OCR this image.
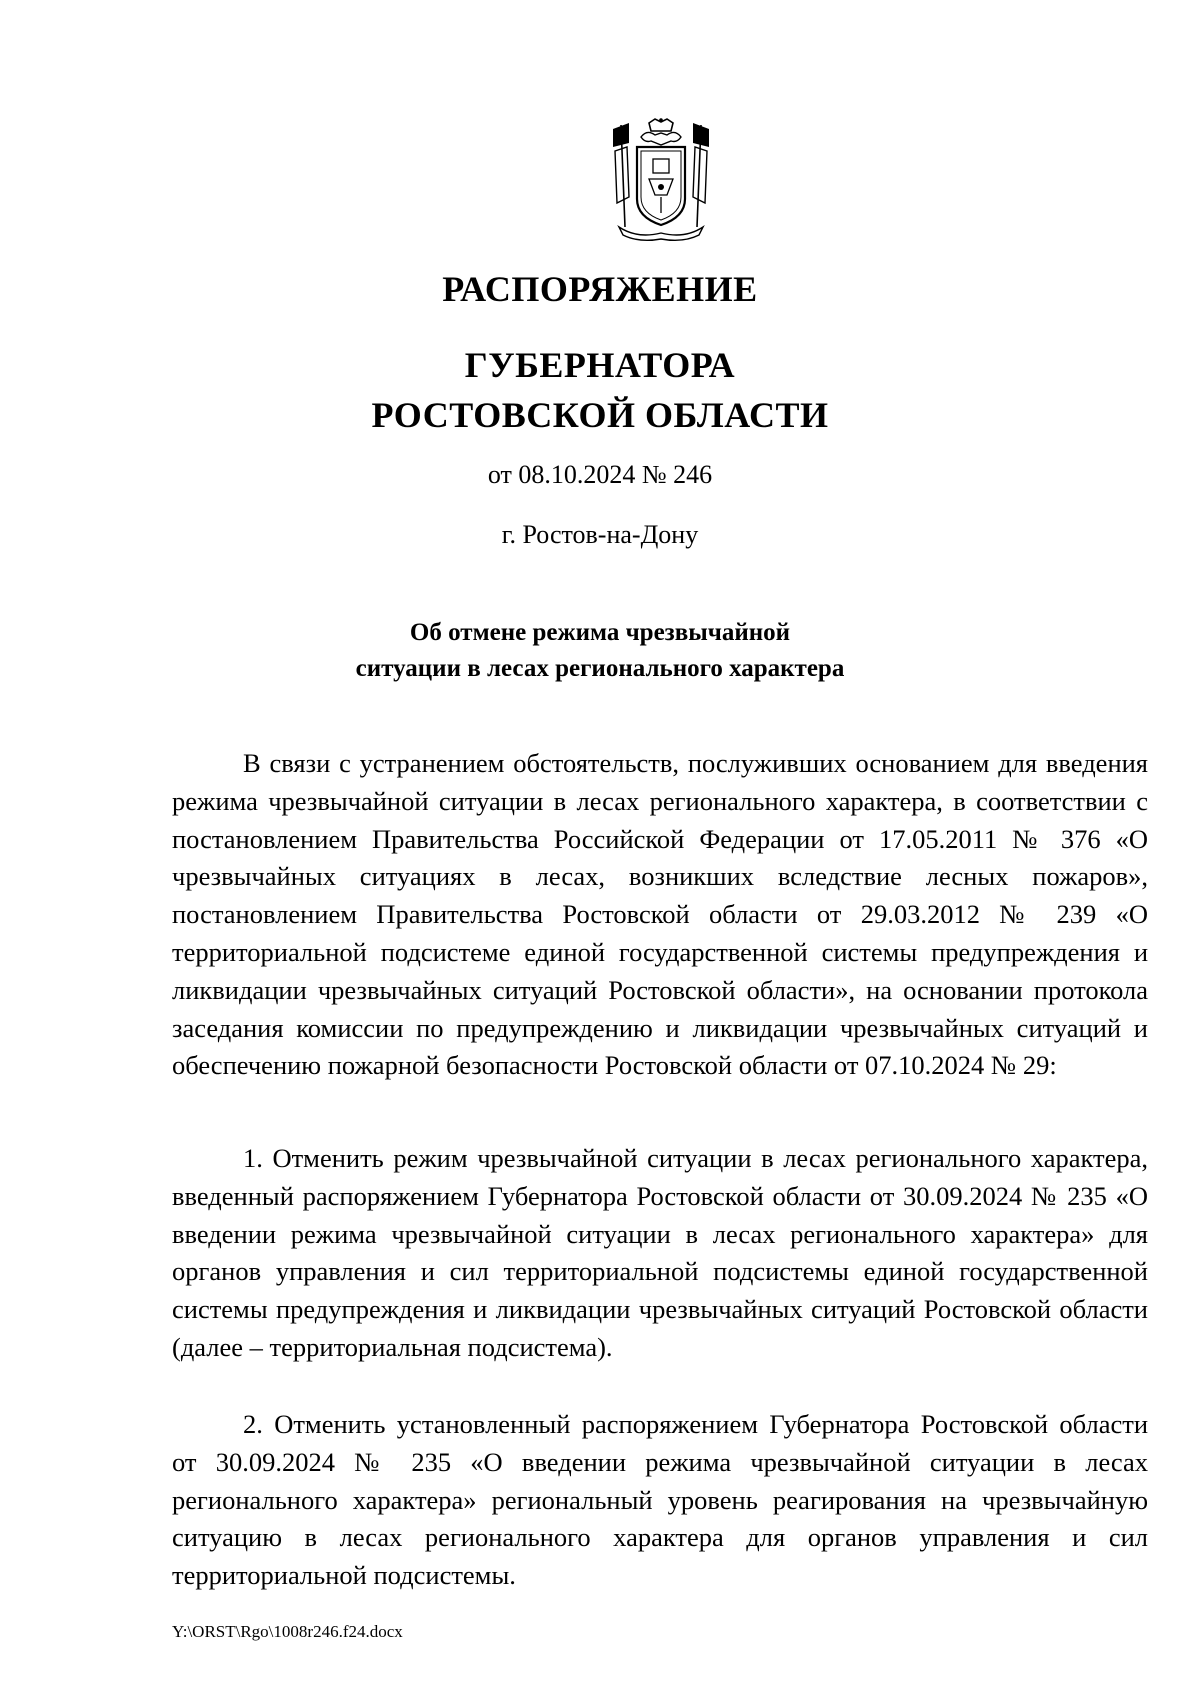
РАСПОРЯЖЕНИЕ
ГУБЕРНАТОРА
РОСТОВСКОЙ ОБЛАСТИ

от 08.10.2024 № 246

г. Ростов-на-Дону

Об отмене режима чрезвычайной
ситуации в лесах регионального характера

В связи с устранением обстоятельств, послуживших основанием для введения режима чрезвычайной ситуации в лесах регионального характера, в соответствии с постановлением Правительства Российской Федерации от 17.05.2011 № 376 «О чрезвычайных ситуациях в лесах, возникших вследствие лесных пожаров», постановлением Правительства Ростовской области от 29.03.2012 № 239 «О территориальной подсистеме единой государственной системы предупреждения и ликвидации чрезвычайных ситуаций Ростовской области», на основании протокола заседания комиссии по предупреждению и ликвидации чрезвычайных ситуаций и обеспечению пожарной безопасности Ростовской области от 07.10.2024 № 29:

1. Отменить режим чрезвычайной ситуации в лесах регионального характера, введенный распоряжением Губернатора Ростовской области от 30.09.2024 № 235 «О введении режима чрезвычайной ситуации в лесах регионального характера» для органов управления и сил территориальной подсистемы единой государственной системы предупреждения и ликвидации чрезвычайных ситуаций Ростовской области (далее – территориальная подсистема).

2. Отменить установленный распоряжением Губернатора Ростовской области от 30.09.2024 № 235 «О введении режима чрезвычайной ситуации в лесах регионального характера» региональный уровень реагирования на чрезвычайную ситуацию в лесах регионального характера для органов управления и сил территориальной подсистемы.

Y:\ORST\Rgo\1008r246.f24.docx
